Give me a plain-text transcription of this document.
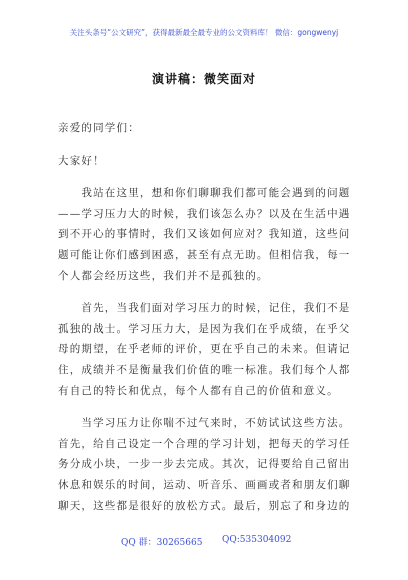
关注头条号“公文研究”，获得最新最全最专业的公文资料库！ 微信：gongwenyj
演讲稿：微笑面对
亲爱的同学们：
大家好！
　　我站在这里，想和你们聊聊我们都可能会遇到的问题
——学习压力大的时候，我们该怎么办？以及在生活中遇
到不开心的事情时，我们又该如何应对？我知道，这些问
题可能让你们感到困惑，甚至有点无助。但相信我，每一
个人都会经历这些，我们并不是孤独的。
　　首先，当我们面对学习压力的时候，记住，我们不是
孤独的战士。学习压力大，是因为我们在乎成绩，在乎父
母的期望，在乎老师的评价，更在乎自己的未来。但请记
住，成绩并不是衡量我们价值的唯一标准。我们每个人都
有自己的特长和优点，每个人都有自己的价值和意义。
　　当学习压力让你喘不过气来时，不妨试试这些方法。
首先，给自己设定一个合理的学习计划，把每天的学习任
务分成小块，一步一步去完成。其次，记得要给自己留出
休息和娱乐的时间，运动、听音乐、画画或者和朋友们聊
聊天，这些都是很好的放松方式。最后，别忘了和身边的
QQ 群：30265665 QQ:535304092
